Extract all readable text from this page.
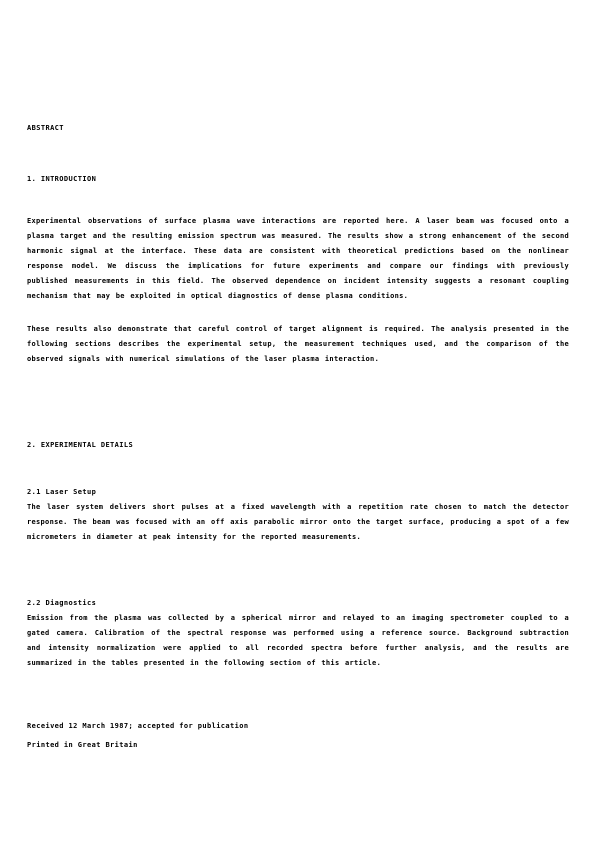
ABSTRACT
1. INTRODUCTION
Experimental observations of surface plasma wave interactions are reported here. A laser beam was focused onto a plasma target and the resulting emission spectrum was measured. The results show a strong enhancement of the second harmonic signal at the interface. These data are consistent with theoretical predictions based on the nonlinear response model. We discuss the implications for future experiments and compare our findings with previously published measurements in this field. The observed dependence on incident intensity suggests a resonant coupling mechanism that may be exploited in optical diagnostics of dense plasma conditions.
These results also demonstrate that careful control of target alignment is required. The analysis presented in the following sections describes the experimental setup, the measurement techniques used, and the comparison of the observed signals with numerical simulations of the laser plasma interaction.
2. EXPERIMENTAL DETAILS
2.1 Laser Setup
The laser system delivers short pulses at a fixed wavelength with a repetition rate chosen to match the detector response. The beam was focused with an off axis parabolic mirror onto the target surface, producing a spot of a few micrometers in diameter at peak intensity for the reported measurements.
2.2 Diagnostics
Emission from the plasma was collected by a spherical mirror and relayed to an imaging spectrometer coupled to a gated camera. Calibration of the spectral response was performed using a reference source. Background subtraction and intensity normalization were applied to all recorded spectra before further analysis, and the results are summarized in the tables presented in the following section of this article.
Received 12 March 1987; accepted for publication
Printed in Great Britain
